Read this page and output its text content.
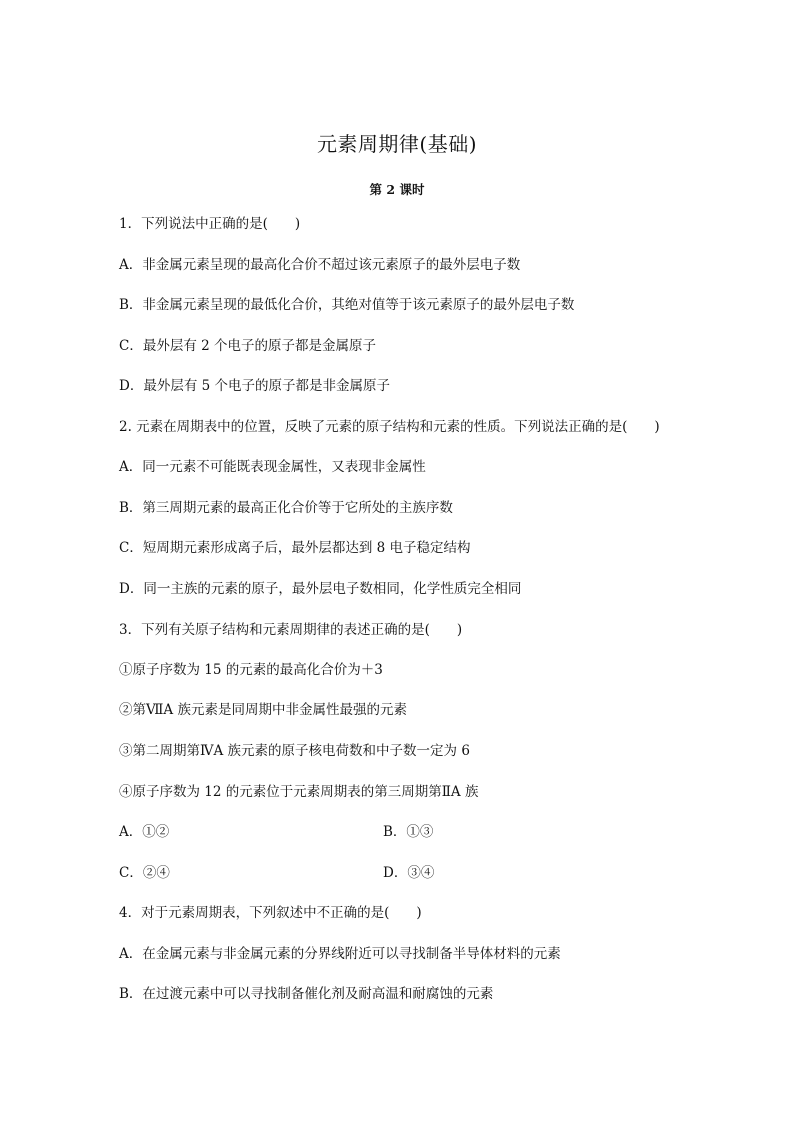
元素周期律(基础)
第 2 课时
1．下列说法中正确的是(　　)
A．非金属元素呈现的最高化合价不超过该元素原子的最外层电子数
B．非金属元素呈现的最低化合价，其绝对值等于该元素原子的最外层电子数
C．最外层有 2 个电子的原子都是金属原子
D．最外层有 5 个电子的原子都是非金属原子
2. 元素在周期表中的位置，反映了元素的原子结构和元素的性质。下列说法正确的是(　　)
A．同一元素不可能既表现金属性，又表现非金属性
B．第三周期元素的最高正化合价等于它所处的主族序数
C．短周期元素形成离子后，最外层都达到 8 电子稳定结构
D．同一主族的元素的原子，最外层电子数相同，化学性质完全相同
3．下列有关原子结构和元素周期律的表述正确的是(　　)
①原子序数为 15 的元素的最高化合价为＋3
②第ⅦA 族元素是同周期中非金属性最强的元素
③第二周期第ⅣA 族元素的原子核电荷数和中子数一定为 6
④原子序数为 12 的元素位于元素周期表的第三周期第ⅡA 族
A．①②	B．①③
C．②④	D．③④
4．对于元素周期表，下列叙述中不正确的是(　　)
A．在金属元素与非金属元素的分界线附近可以寻找制备半导体材料的元素
B．在过渡元素中可以寻找制备催化剂及耐高温和耐腐蚀的元素
